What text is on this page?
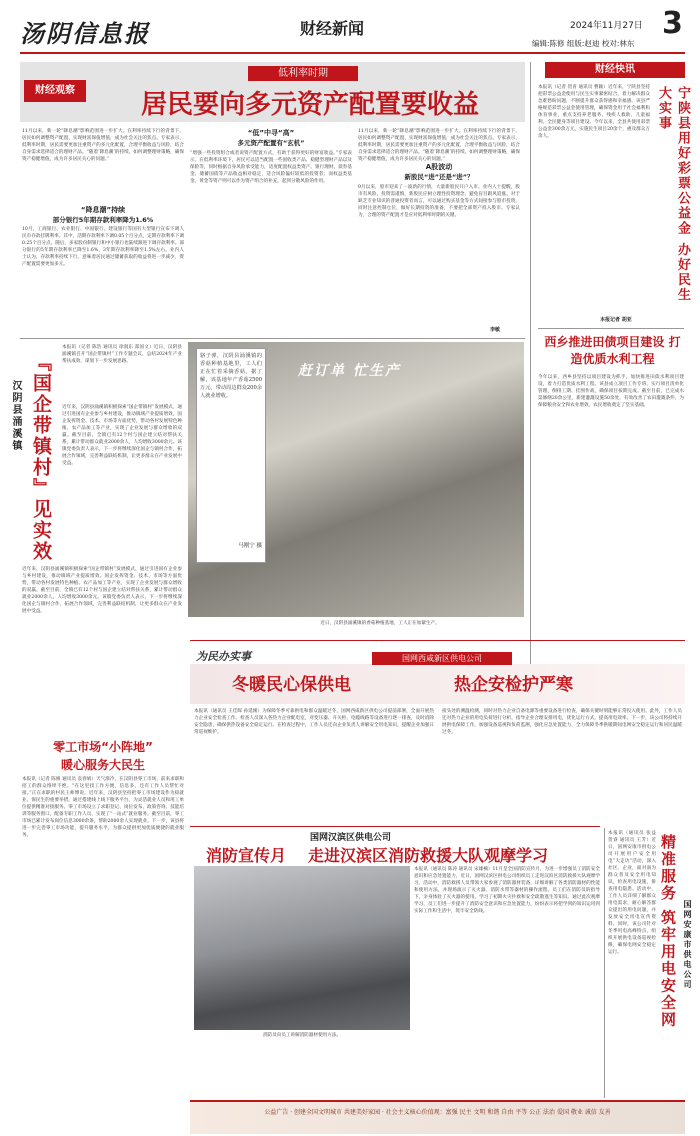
汤阴信息报	财经新闻	2024年11月27日 3
编辑:陈修 组版:赵迪 校对:林东
财经观察
低利率时期
居民要向多元资产配置要收益
11月以来，新一轮“降息潮”影响范围进一步扩大。在利率持续下行的背景下，居民如何调整资产配置、实现财富保值增值，成为社会关注的焦点。专家表示，低利率时期，居民需要更加注重资产的多元化配置，合理平衡收益与风险，结合自身需求选择适合的理财产品。“随着‘降息潮’的持续，如何调整理财策略，确保资产稳健增值，成为许多居民关心的问题。”
“降息潮”持续
部分银行5年期存款利率降为1.6%
10月，工商银行、农业银行、中国银行、建设银行等国有大型银行宣布下调人民币存款挂牌利率。其中，活期存款利率下调0.05个百分点，定期存款利率下调0.25个百分点。随后，多家股份制银行和中小银行也陆续跟进下调存款利率。部分银行的5年期存款利率已降至1.6%，3年期存款利率降至1.5%左右。业内人士认为，存款利率持续下行，意味着居民通过储蓄获取的收益将进一步减少，资产配置需要更加多元。
“低”中寻“高”
多元资产配置有“玄机”
“增强一些投资组合或者说资产配置方式，有助于获得更好的财富收益。”专家表示，在低利率环境下，居民可以适当配置一些固收类产品、稳健型理财产品以及保险等，同时根据自身风险承受能力，适度配置权益类资产。银行理财、债券基金、储蓄国债等产品收益相对稳定，适合风险偏好较低的投资者；而权益类基金、黄金等资产则可以作为资产组合的补充，起到分散风险的作用。
11月以来，新一轮“降息潮”影响范围进一步扩大。在利率持续下行的背景下，居民如何调整资产配置、实现财富保值增值，成为社会关注的焦点。专家表示，低利率时期，居民需要更加注重资产的多元化配置，合理平衡收益与风险，结合自身需求选择适合的理财产品。“随着‘降息潮’的持续，如何调整理财策略，确保资产稳健增值，成为许多居民关心的问题。”
A股波动
新股民“进”还是“进”？
9月以来，股市迎来了一波新的行情，大量新股民开户入市。业内人士提醒，股市有风险，投资需谨慎，新股民应树立理性投资理念，避免盲目跟风追涨。对于缺乏专业知识的普通投资者而言，可以通过购买基金等方式间接参与股市投资，同时注意控制仓位，做好长期投资的准备，不要把全部资产投入股市。专家认为，合理的资产配置才是应对低利率时期的关键。
李敏
『国企带镇村』见实效
汉阴县涌溪镇
本报讯（记者 陈浩 通讯员 徐润东 郑国文）近日，汉阴县涌溪镇召开“国企带镇村”工作专题会议，总结2024年产业帮扶成效，谋划下一步发展思路。
近年来，汉阴县涌溪镇积极探索“国企带镇村”发展模式，通过引进国有企业参与乡村建设，推动镇域产业提质增效。国企发挥资金、技术、市场等方面优势，带动各村发展特色种植、农产品加工等产业，实现了企业发展与群众增收的双赢。截至目前，全镇已有12个村与国企建立结对帮扶关系，累计带动群众就业2000余人，人均增收3000余元。该镇党委负责人表示，下一步将继续深化国企与镇村合作，拓展合作领域，完善利益联结机制，让更多群众在产业发展中受益。
近年来，汉阴县涌溪镇积极探索“国企带镇村”发展模式，通过引进国有企业参与乡村建设，推动镇域产业提质增效。国企发挥资金、技术、市场等方面优势，带动各村发展特色种植、农产品加工等产业，实现了企业发展与群众增收的双赢。截至目前，全镇已有12个村与国企建立结对帮扶关系，累计带动群众就业2000余人，人均增收3000余元。该镇党委负责人表示，下一步将继续深化国企与镇村合作，拓展合作领域，完善利益联结机制，让更多群众在产业发展中受益。
赶订单 忙生产
骆子弹，汉阴县涌溪镇的香菇种植基地里，工人们正在忙着采摘香菇。据了解，该基地年产香菇2500万元，带动周边群众200余人就业增收。
马刚宁 摄
近日，汉阴县涌溪镇的香菇种植基地，工人正在加紧生产。
零工市场“小阵地”
暖心服务大民生
本报讯（记者 陈修 通讯员 袁春娟）天气渐冷，在汉阴县零工市场，前来求职和招工的群众络绎不绝。“在这里找工作方便，信息多，还有工作人员帮忙对接。”正在求职的村民王师傅说。近年来，汉阴县坚持把零工市场建设作为稳就业、保民生的重要举措，通过搭建线上线下服务平台，为灵活就业人员和用工单位提供精准对接服务。零工市场设立了求职登记、岗位发布、政策咨询、技能培训等服务窗口，配备专职工作人员，实现了“一站式”就业服务。截至目前，零工市场已累计发布岗位信息3000余条，帮助2000余人实现就业。下一步，该县将进一步完善零工市场功能，提升服务水平，为群众提供更加优质便捷的就业服务。
财经快讯
本报讯（记者 贺青 通讯员 曹颖）近年来，宁陕县坚持把彩票公益金使用与民生实事紧密结合，着力解决群众急难愁盼问题，不断提升群众获得感和幸福感。该县严格规范彩票公益金使用管理，确保资金用于社会福利和体育事业，重点支持养老服务、残疾人救助、儿童福利、全民健身等项目建设。今年以来，全县共使用彩票公益金300余万元，实施民生项目20余个，惠及群众万余人。	宁陕县用好彩票公益金 办好民生大实事
本报记者 胡亚
西乡推进田债项目建设 打造优质水利工程
今年以来，西乡县坚持以项目建设为抓手，加快推进田债水利项目建设，着力打造优质水利工程。该县成立项目工作专班，实行项目清单化管理，倒排工期、挂图作战，确保项目按期完成。截至目前，已完成水渠修缮20余公里，新建灌溉设施50余处，有效改善了农田灌溉条件，为保障粮食安全和农业增效、农民增收奠定了坚实基础。
为民办实事	国网西咸新区供电公司
冬暖民心保供电	热企安检护严寒
本报讯（通讯员 王佳晖 孙延刚）为保障冬季可靠供电和群众温暖过冬，国网西咸新区供电公司提前部署，全面开展热力企业安全检查工作。检查人员深入各热力企业配电室，对变压器、开关柜、电缆线路等设备进行逐一排查，及时消除安全隐患，确保供热设备安全稳定运行。在检查过程中，工作人员还向企业负责人讲解安全用电知识，提醒企业加强日常巡视维护。
接头处的测温检测，同时对热力企业自备电源等重要设备进行检查，确保关键时刻能够正常投入使用。此外，工作人员还对热力企业的用电负荷进行分析，指导企业合理安排用电，优化运行方式，提高用电效率。下一步，该公司将持续开展供电保障工作，加强设备巡视和负荷监测，强化应急处置能力，全力保障冬季供暖期间电网安全稳定运行和居民温暖过冬。
国网汉滨区供电公司
消防宣传月 走进汉滨区消防救援大队观摩学习
消防员向员工讲解消防器材使用方法。
本报讯（通讯员 陈涛 通讯员 宋雄楠）11月是全国消防宣传月，为进一步增强员工消防安全意识和应急处置能力，近日，国网汉滨区供电公司组织员工走进汉滨区消防救援大队观摩学习。活动中，消防救援人员带领大家参观了消防器材装备，详细讲解了各类消防器材的性能和使用方法，并现场演示了灭火器、消防水带等器材的操作流程。员工们在消防员的指导下，亲身体验了灭火器的使用，学习了初期火灾扑救和安全疏散逃生等知识。通过此次观摩学习，员工们进一步提升了消防安全意识和应急处置能力，纷纷表示将把学到的知识运用到实际工作和生活中，筑牢安全防线。
本报讯（通讯员 张益 贺睿 通讯员 王芳）近日，国网安康市供电公司开展用户安全用电“大走访”活动，深入社区、企业，面对面为群众普及安全用电知识，检查用电设施，排查用电隐患。活动中，工作人员详细了解群众用电需求，耐心解答群众提出的用电问题，并发放安全用电宣传资料。同时，该公司针对冬季用电高峰特点，组织开展供电设备巡视检修，确保电网安全稳定运行。	精准服务 筑牢用电安全网 国网安康市供电公司
公益广告 · 创建全国文明城市 共建美好家园 · 社会主义核心价值观：富强 民主 文明 和谐 自由 平等 公正 法治 爱国 敬业 诚信 友善
